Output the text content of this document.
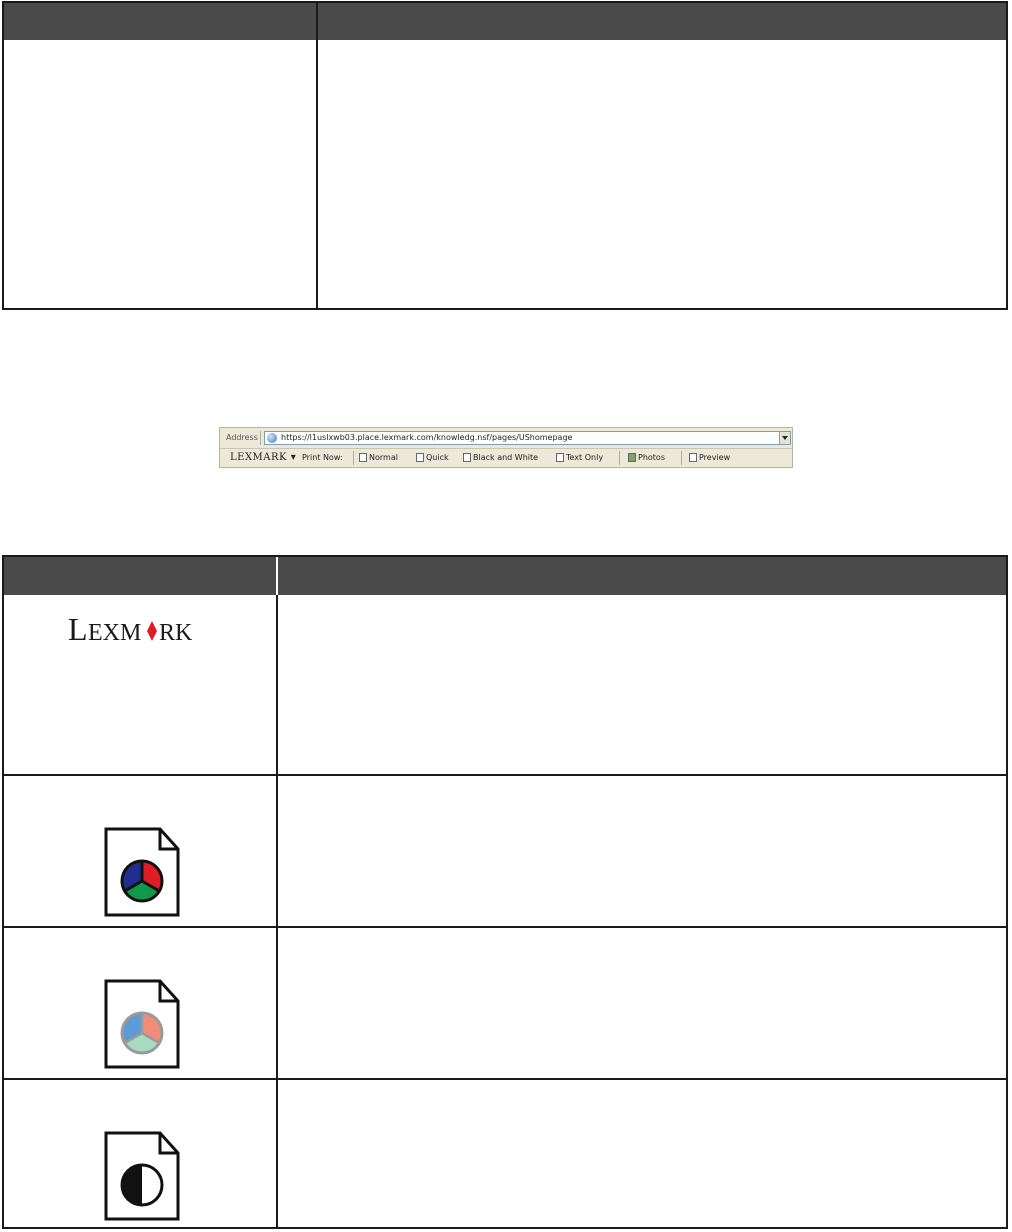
Address	https://l1uslxwb03.place.lexmark.com/knowledg.nsf/pages/UShomepage
LEXMARK ▾ Print Now:	Normal	Quick	Black and White	Text Only	Photos	Preview
L EXM RK
